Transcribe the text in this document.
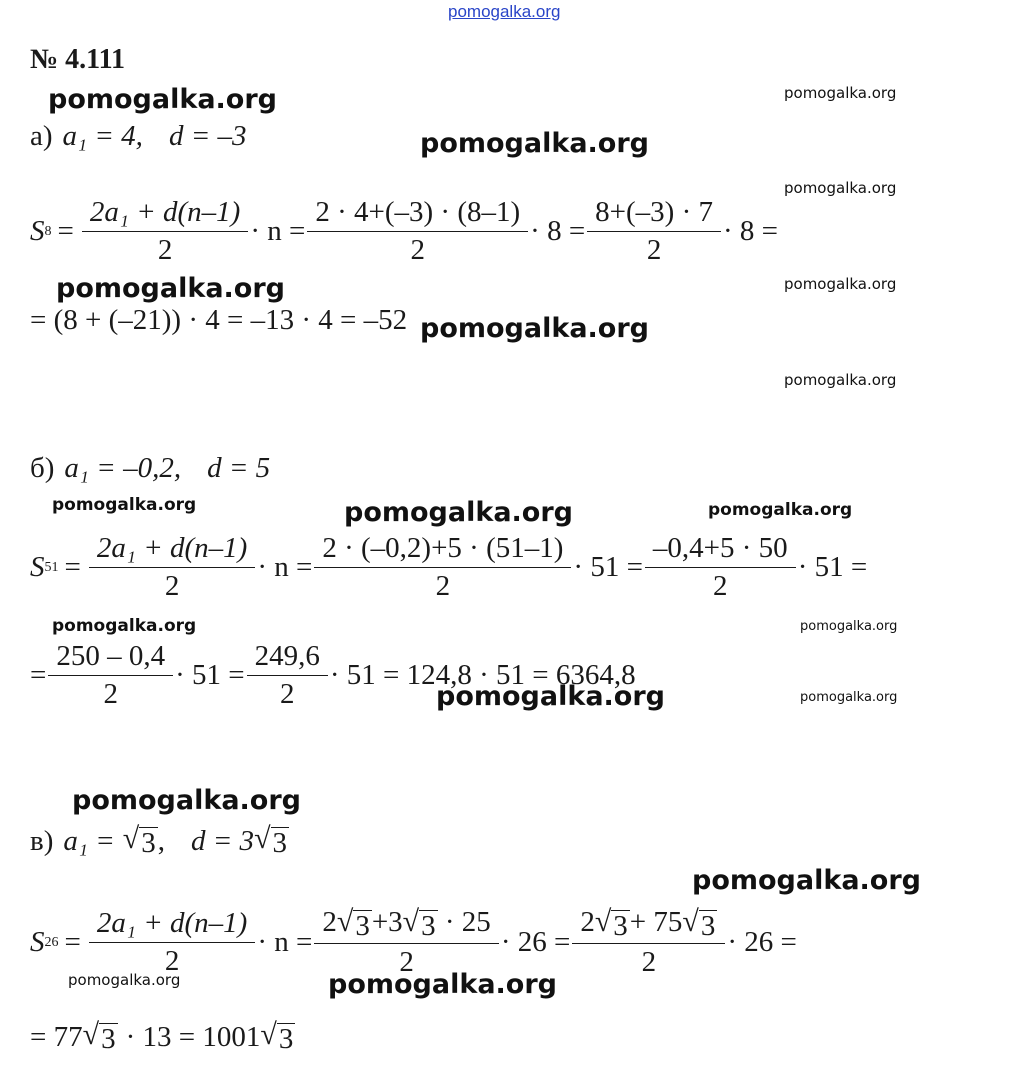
pomogalka.org
pomogalka.org	pomogalka.org
pomogalka.org
pomogalka.org
pomogalka.org	pomogalka.org
pomogalka.org
pomogalka.org
pomogalka.org	pomogalka.org	pomogalka.org
pomogalka.org	pomogalka.org
pomogalka.org	pomogalka.org
pomogalka.org
pomogalka.org
pomogalka.org	pomogalka.org
№ 4.111
а) a₁ = 4, d = –3
S $8 = \frac{\text{2a₁ + d(n–1)}}{2} \cdot n = \frac{2 \cdot 4+(-3) \cdot (8-1)}{2} \cdot 8 = \frac{8+(-3) \cdot 7}{2} \cdot 8$ =
= (8 + (–21)) · 4 = –13 · 4 = –52
б) a₁ = –0,2, d = 5
S $51 = \frac{\text{2a₁ + d(n–1)}}{2} \cdot n = \frac{2 \cdot (-0,2)+5 \cdot (51-1)}{2} \cdot 51 = \frac{-0,4+5 \cdot 50}{2} \cdot 51$ =
= $\frac{250 - 0,4}{2} \cdot 51 = \frac{249,6}{2} \cdot 51 = 124,8 \cdot 51 = 6364,8$
в) a₁ = √ 3 , d = 3 √ 3
S $26 = \frac{\text{2a₁ + d(n–1)}}{2} \cdot n = \frac{2 √ 3 +3 √ 3 \cdot 25}{2} \cdot 26 = \frac{2 √ 3 + 75 √ 3}{2} \cdot 26$ =
= 77 √ 3 · 13 = 1001 √ 3
